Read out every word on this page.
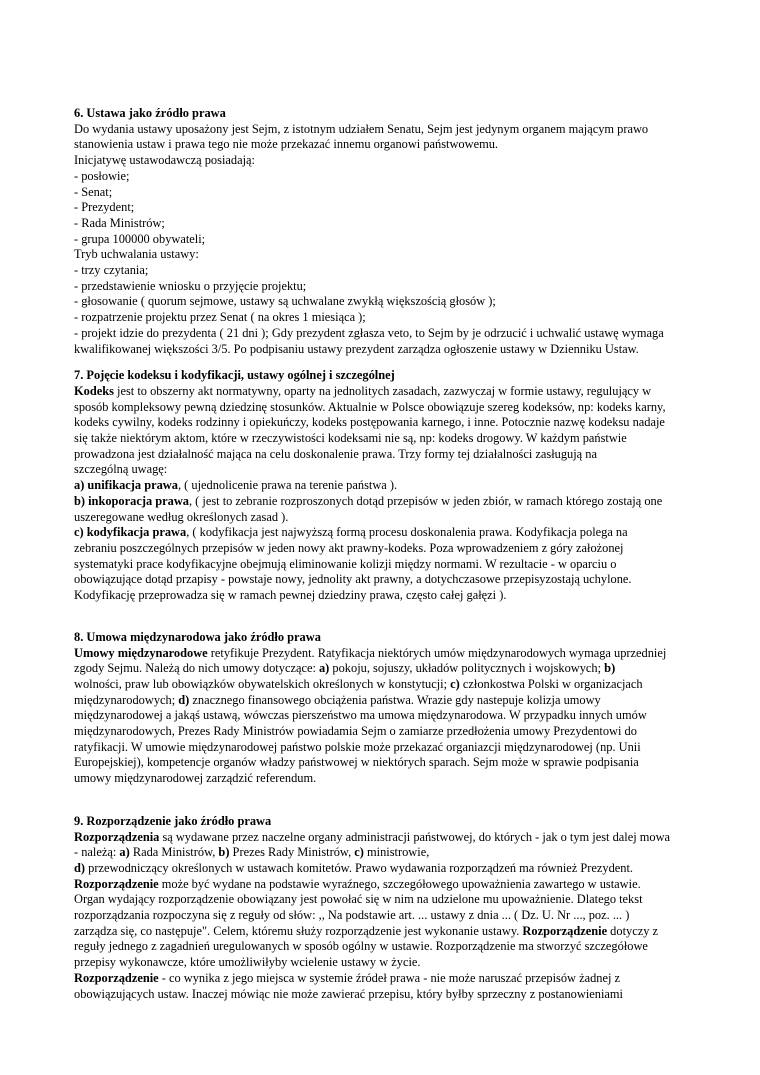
6. Ustawa jako źródło prawa
Do wydania ustawy uposażony jest Sejm, z istotnym udziałem Senatu, Sejm jest jedynym organem mającym prawo
stanowienia ustaw i prawa tego nie może przekazać innemu organowi państwowemu.
Inicjatywę ustawodawczą posiadają:
- posłowie;
- Senat;
- Prezydent;
- Rada Ministrów;
- grupa 100000 obywateli;
Tryb uchwalania ustawy:
- trzy czytania;
- przedstawienie wniosku o przyjęcie projektu;
- głosowanie ( quorum sejmowe, ustawy są uchwalane zwykłą większością głosów );
- rozpatrzenie projektu przez Senat ( na okres 1 miesiąca );
- projekt idzie do prezydenta ( 21 dni ); Gdy prezydent zgłasza veto, to Sejm by je odrzucić i uchwalić ustawę wymaga
kwalifikowanej większości 3/5. Po podpisaniu ustawy prezydent zarządza ogłoszenie ustawy w Dzienniku Ustaw.
7. Pojęcie kodeksu i kodyfikacji, ustawy ogólnej i szczególnej
Kodeks jest to obszerny akt normatywny, oparty na jednolitych zasadach, zazwyczaj w formie ustawy, regulujący w
sposób kompleksowy pewną dziedzinę stosunków. Aktualnie w Polsce obowiązuje szereg kodeksów, np: kodeks karny,
kodeks cywilny, kodeks rodzinny i opiekuńczy, kodeks postępowania karnego, i inne. Potocznie nazwę kodeksu nadaje
się także niektórym aktom, które w rzeczywistości kodeksami nie są, np: kodeks drogowy. W każdym państwie
prowadzona jest działalność mająca na celu doskonalenie prawa. Trzy formy tej działalności zasługują na
szczególną uwagę:
a) unifikacja prawa, ( ujednolicenie prawa na terenie państwa ).
b) inkoporacja prawa, ( jest to zebranie rozproszonych dotąd przepisów w jeden zbiór, w ramach którego zostają one
uszeregowane według określonych zasad ).
c) kodyfikacja prawa, ( kodyfikacja jest najwyższą formą procesu doskonalenia prawa. Kodyfikacja polega na
zebraniu poszczególnych przepisów w jeden nowy akt prawny-kodeks. Poza wprowadzeniem z góry założonej
systematyki prace kodyfikacyjne obejmują eliminowanie kolizji między normami. W rezultacie - w oparciu o
obowiązujące dotąd przapisy - powstaje nowy, jednolity akt prawny, a dotychczasowe przepisyzostają uchylone.
Kodyfikację przeprowadza się w ramach pewnej dziedziny prawa, często całej gałęzi ).
8. Umowa międzynarodowa jako źródło prawa
Umowy międzynarodowe retyfikuje Prezydent. Ratyfikacja niektórych umów międzynarodowych wymaga uprzedniej
zgody Sejmu. Należą do nich umowy dotyczące: a) pokoju, sojuszy, układów politycznych i wojskowych; b)
wolności, praw lub obowiązków obywatelskich określonych w konstytucji; c) członkostwa Polski w organizacjach
międzynarodowych; d) znacznego finansowego obciążenia państwa. Wrazie gdy nastepuje kolizja umowy
międzynarodowej a jakąś ustawą, wówczas pierszeństwo ma umowa międzynarodowa. W przypadku innych umów
międzynarodowych, Prezes Rady Ministrów powiadamia Sejm o zamiarze przedłożenia umowy Prezydentowi do
ratyfikacji. W umowie międzynarodowej państwo polskie może przekazać organiazcji międzynarodowej (np. Unii
Europejskiej), kompetencje organów władzy państwowej w niektórych sparach. Sejm może w sprawie podpisania
umowy międzynarodowej zarządzić referendum.
9. Rozporządzenie jako źródło prawa
Rozporządzenia są wydawane przez naczelne organy administracji państwowej, do których - jak o tym jest dalej mowa
- należą: a) Rada Ministrów, b) Prezes Rady Ministrów, c) ministrowie,
d) przewodniczący określonych w ustawach komitetów. Prawo wydawania rozporządzeń ma również Prezydent.
Rozporządzenie może być wydane na podstawie wyraźnego, szczegółowego upoważnienia zawartego w ustawie.
Organ wydający rozporządzenie obowiązany jest powołać się w nim na udzielone mu upoważnienie. Dlatego tekst
rozporządzania rozpoczyna się z reguły od słów: ,, Na podstawie art. ... ustawy z dnia ... ( Dz. U. Nr ..., poz. ... )
zarządza się, co następuje". Celem, któremu służy rozporządzenie jest wykonanie ustawy. Rozporządzenie dotyczy z
reguły jednego z zagadnień uregulowanych w sposób ogólny w ustawie. Rozporządzenie ma stworzyć szczegółowe
przepisy wykonawcze, które umożliwiłyby wcielenie ustawy w życie.
Rozporządzenie - co wynika z jego miejsca w systemie źródeł prawa - nie może naruszać przepisów żadnej z
obowiązujących ustaw. Inaczej mówiąc nie może zawierać przepisu, który byłby sprzeczny z postanowieniami
